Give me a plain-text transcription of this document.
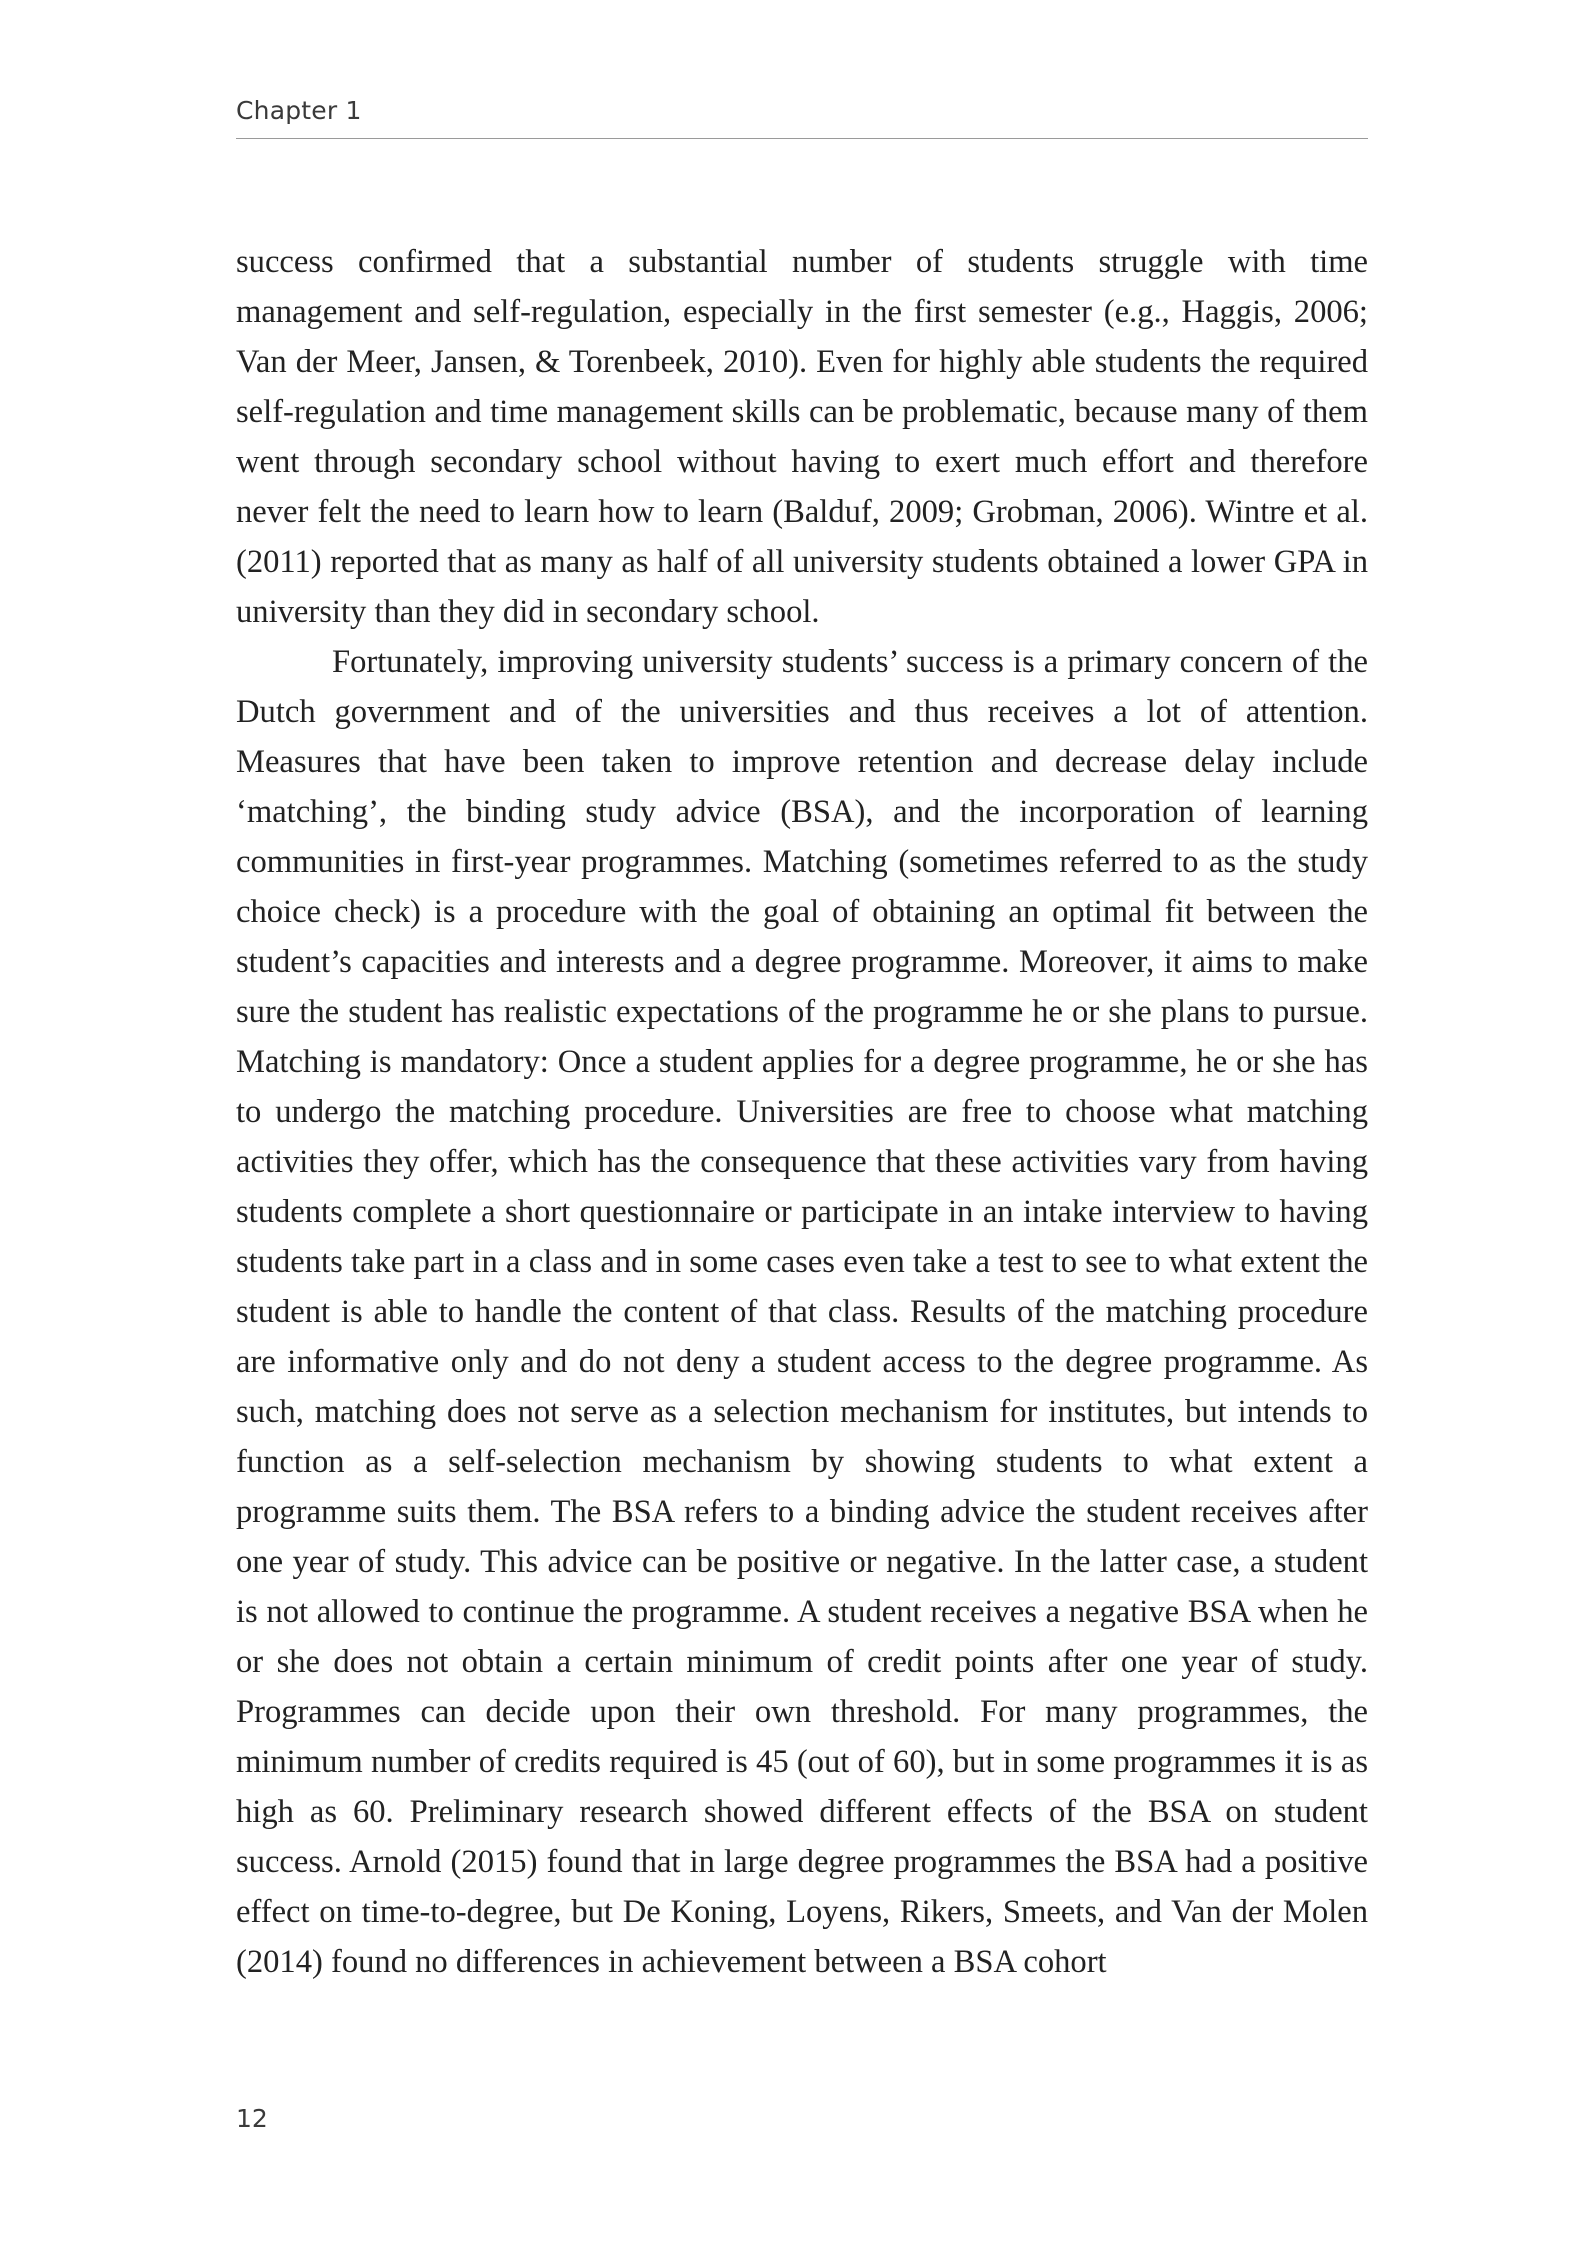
Chapter 1

success confirmed that a substantial number of students struggle with time management and self-regulation, especially in the first semester (e.g., Haggis, 2006; Van der Meer, Jansen, & Torenbeek, 2010). Even for highly able students the required self-regulation and time management skills can be problematic, because many of them went through secondary school without having to exert much effort and therefore never felt the need to learn how to learn (Balduf, 2009; Grobman, 2006). Wintre et al. (2011) reported that as many as half of all university students obtained a lower GPA in university than they did in secondary school.

Fortunately, improving university students’ success is a primary concern of the Dutch government and of the universities and thus receives a lot of attention. Measures that have been taken to improve retention and decrease delay include ‘matching’, the binding study advice (BSA), and the incorporation of learning communities in first-year programmes. Matching (sometimes referred to as the study choice check) is a procedure with the goal of obtaining an optimal fit between the student’s capacities and interests and a degree programme. Moreover, it aims to make sure the student has realistic expectations of the programme he or she plans to pursue. Matching is mandatory: Once a student applies for a degree programme, he or she has to undergo the matching procedure. Universities are free to choose what matching activities they offer, which has the consequence that these activities vary from having students complete a short questionnaire or participate in an intake interview to having students take part in a class and in some cases even take a test to see to what extent the student is able to handle the content of that class. Results of the matching procedure are informative only and do not deny a student access to the degree programme. As such, matching does not serve as a selection mechanism for institutes, but intends to function as a self-selection mechanism by showing students to what extent a programme suits them. The BSA refers to a binding advice the student receives after one year of study. This advice can be positive or negative. In the latter case, a student is not allowed to continue the programme. A student receives a negative BSA when he or she does not obtain a certain minimum of credit points after one year of study. Programmes can decide upon their own threshold. For many programmes, the minimum number of credits required is 45 (out of 60), but in some programmes it is as high as 60. Preliminary research showed different effects of the BSA on student success. Arnold (2015) found that in large degree programmes the BSA had a positive effect on time-to-degree, but De Koning, Loyens, Rikers, Smeets, and Van der Molen (2014) found no differences in achievement between a BSA cohort

12
